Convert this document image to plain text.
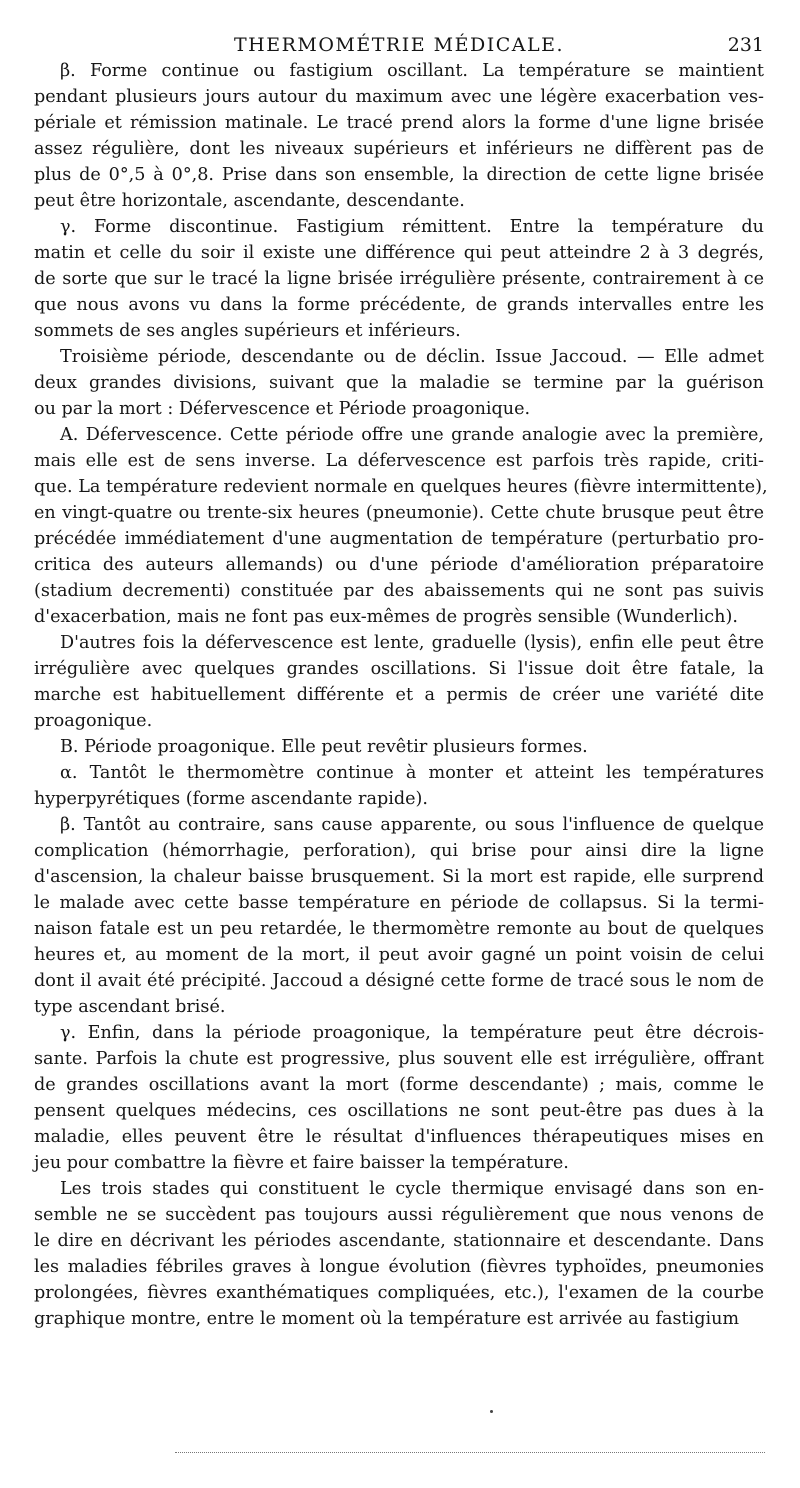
THERMOMÉTRIE MÉDICALE.	231
β. Forme continue ou fastigium oscillant. La température se maintient
pendant plusieurs jours autour du maximum avec une légère exacerbation ves-
périale et rémission matinale. Le tracé prend alors la forme d'une ligne brisée
assez régulière, dont les niveaux supérieurs et inférieurs ne diffèrent pas de
plus de 0°,5 à 0°,8. Prise dans son ensemble, la direction de cette ligne brisée
peut être horizontale, ascendante, descendante.
γ. Forme discontinue. Fastigium rémittent. Entre la température du
matin et celle du soir il existe une différence qui peut atteindre 2 à 3 degrés,
de sorte que sur le tracé la ligne brisée irrégulière présente, contrairement à ce
que nous avons vu dans la forme précédente, de grands intervalles entre les
sommets de ses angles supérieurs et inférieurs.
Troisième période, descendante ou de déclin. Issue Jaccoud. — Elle admet
deux grandes divisions, suivant que la maladie se termine par la guérison
ou par la mort : Défervescence et Période proagonique.
A. Défervescence. Cette période offre une grande analogie avec la première,
mais elle est de sens inverse. La défervescence est parfois très rapide, criti-
que. La température redevient normale en quelques heures (fièvre intermittente),
en vingt-quatre ou trente-six heures (pneumonie). Cette chute brusque peut être
précédée immédiatement d'une augmentation de température (perturbatio pro-
critica des auteurs allemands) ou d'une période d'amélioration préparatoire
(stadium decrementi) constituée par des abaissements qui ne sont pas suivis
d'exacerbation, mais ne font pas eux-mêmes de progrès sensible (Wunderlich).
D'autres fois la défervescence est lente, graduelle (lysis), enfin elle peut être
irrégulière avec quelques grandes oscillations. Si l'issue doit être fatale, la
marche est habituellement différente et a permis de créer une variété dite
proagonique.
B. Période proagonique. Elle peut revêtir plusieurs formes.
α. Tantôt le thermomètre continue à monter et atteint les températures
hyperpyrétiques (forme ascendante rapide).
β. Tantôt au contraire, sans cause apparente, ou sous l'influence de quelque
complication (hémorrhagie, perforation), qui brise pour ainsi dire la ligne
d'ascension, la chaleur baisse brusquement. Si la mort est rapide, elle surprend
le malade avec cette basse température en période de collapsus. Si la termi-
naison fatale est un peu retardée, le thermomètre remonte au bout de quelques
heures et, au moment de la mort, il peut avoir gagné un point voisin de celui
dont il avait été précipité. Jaccoud a désigné cette forme de tracé sous le nom de
type ascendant brisé.
γ. Enfin, dans la période proagonique, la température peut être décrois-
sante. Parfois la chute est progressive, plus souvent elle est irrégulière, offrant
de grandes oscillations avant la mort (forme descendante) ; mais, comme le
pensent quelques médecins, ces oscillations ne sont peut-être pas dues à la
maladie, elles peuvent être le résultat d'influences thérapeutiques mises en
jeu pour combattre la fièvre et faire baisser la température.
Les trois stades qui constituent le cycle thermique envisagé dans son en-
semble ne se succèdent pas toujours aussi régulièrement que nous venons de
le dire en décrivant les périodes ascendante, stationnaire et descendante. Dans
les maladies fébriles graves à longue évolution (fièvres typhoïdes, pneumonies
prolongées, fièvres exanthématiques compliquées, etc.), l'examen de la courbe
graphique montre, entre le moment où la température est arrivée au fastigium
